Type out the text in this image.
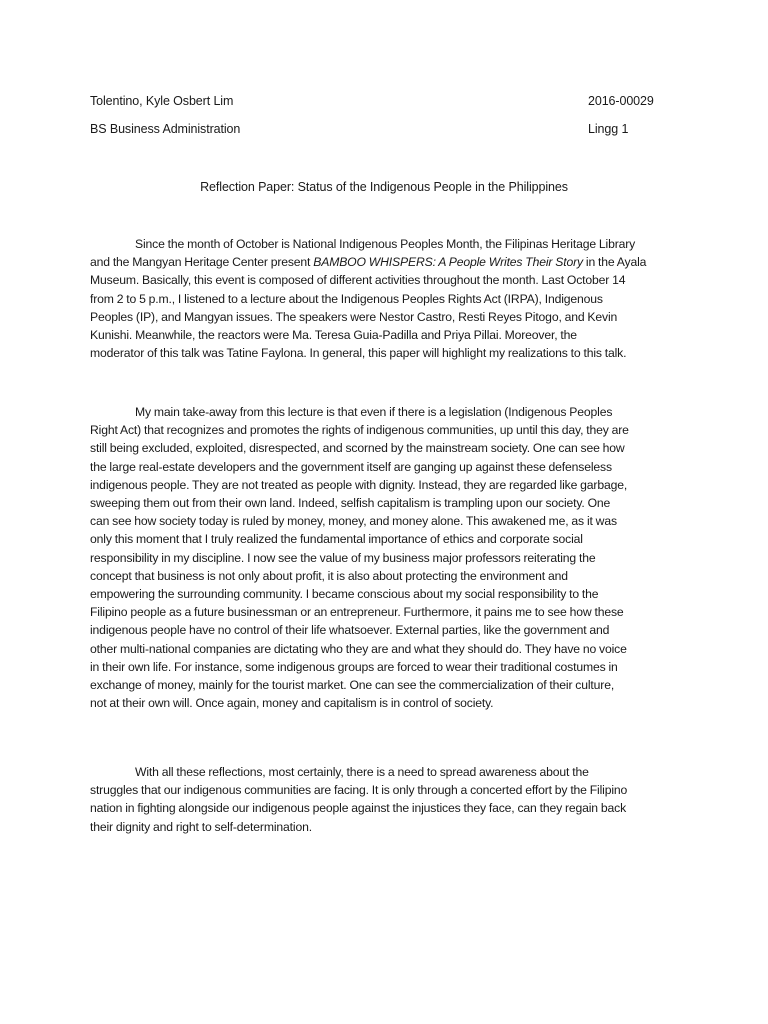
Tolentino, Kyle Osbert Lim	2016-00029
BS Business Administration	Lingg 1
Reflection Paper: Status of the Indigenous People in the Philippines
Since the month of October is National Indigenous Peoples Month, the Filipinas Heritage Library
and the Mangyan Heritage Center present BAMBOO WHISPERS: A People Writes Their Story in the Ayala
Museum. Basically, this event is composed of different activities throughout the month. Last October 14
from 2 to 5 p.m., I listened to a lecture about the Indigenous Peoples Rights Act (IRPA), Indigenous
Peoples (IP), and Mangyan issues. The speakers were Nestor Castro, Resti Reyes Pitogo, and Kevin
Kunishi. Meanwhile, the reactors were Ma. Teresa Guia-Padilla and Priya Pillai. Moreover, the
moderator of this talk was Tatine Faylona. In general, this paper will highlight my realizations to this talk.
My main take-away from this lecture is that even if there is a legislation (Indigenous Peoples
Right Act) that recognizes and promotes the rights of indigenous communities, up until this day, they are
still being excluded, exploited, disrespected, and scorned by the mainstream society. One can see how
the large real-estate developers and the government itself are ganging up against these defenseless
indigenous people. They are not treated as people with dignity. Instead, they are regarded like garbage,
sweeping them out from their own land. Indeed, selfish capitalism is trampling upon our society. One
can see how society today is ruled by money, money, and money alone. This awakened me, as it was
only this moment that I truly realized the fundamental importance of ethics and corporate social
responsibility in my discipline. I now see the value of my business major professors reiterating the
concept that business is not only about profit, it is also about protecting the environment and
empowering the surrounding community. I became conscious about my social responsibility to the
Filipino people as a future businessman or an entrepreneur. Furthermore, it pains me to see how these
indigenous people have no control of their life whatsoever. External parties, like the government and
other multi-national companies are dictating who they are and what they should do. They have no voice
in their own life. For instance, some indigenous groups are forced to wear their traditional costumes in
exchange of money, mainly for the tourist market. One can see the commercialization of their culture,
not at their own will. Once again, money and capitalism is in control of society.
With all these reflections, most certainly, there is a need to spread awareness about the
struggles that our indigenous communities are facing. It is only through a concerted effort by the Filipino
nation in fighting alongside our indigenous people against the injustices they face, can they regain back
their dignity and right to self-determination.
